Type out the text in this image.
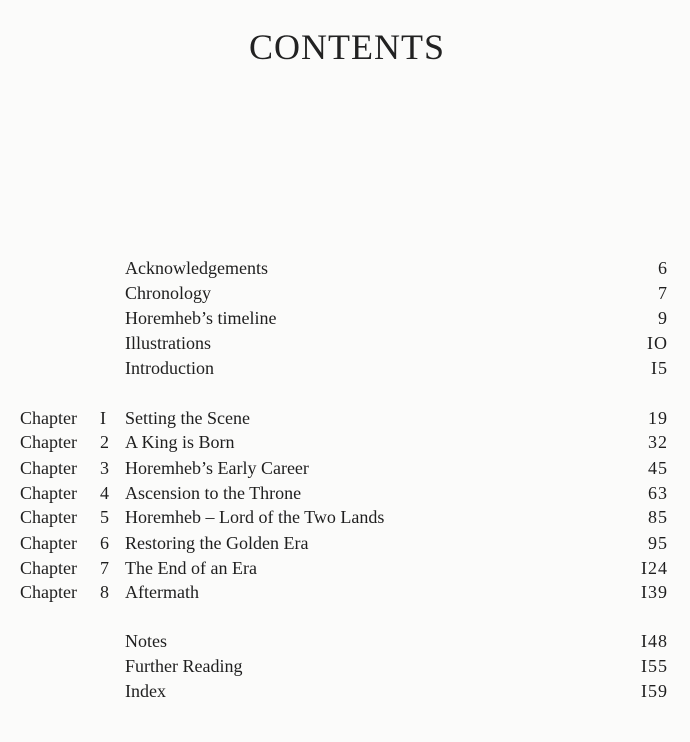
CONTENTS
Acknowledgements	6
Chronology	7
Horemheb’s timeline	9
Illustrations	IO
Introduction	I5
Chapter I Setting the Scene	19
Chapter 2 A King is Born	32
Chapter 3 Horemheb’s Early Career	45
Chapter 4 Ascension to the Throne	63
Chapter 5 Horemheb – Lord of the Two Lands	85
Chapter 6 Restoring the Golden Era	95
Chapter 7 The End of an Era	I24
Chapter 8 Aftermath	I39
Notes	I48
Further Reading	I55
Index	I59
